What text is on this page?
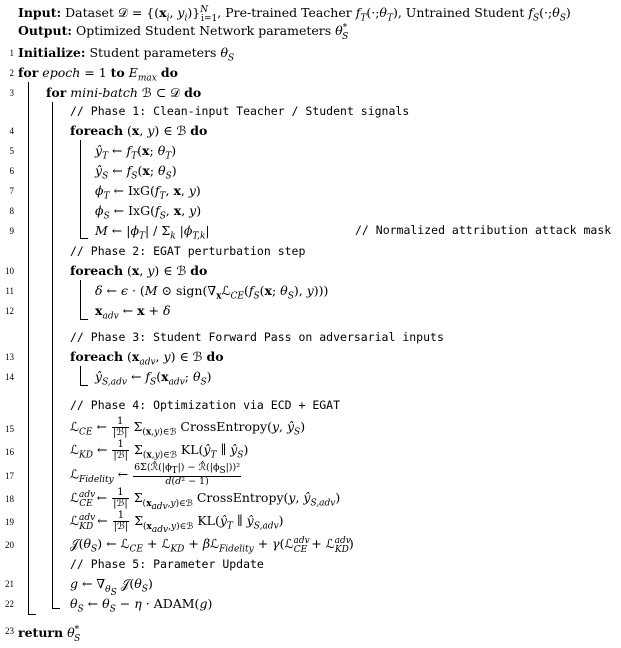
Input: Dataset 𝒟 = {($x_i$, $y_i)\}^N_{i=1}$, Pre-trained Teacher $f_T(\cdot;\theta_T)$, Untrained Student $f_S(\cdot;\theta_S)$
Output: Optimized Student Network parameters $\theta^*_S$
1 Initialize: Student parameters $\theta_S$
2 for epoch = 1 to $E_{max}$ do
3	for mini-batch ℬ ⊂ 𝒟 do
// Phase 1: Clean-input Teacher / Student signals
4	foreach (x, y) ∈ ℬ do
5	$ŷ_T$ ← $f_T(x$; $\theta_T$)
6	$ŷ_S$ ← $f_S(x$; $\theta_S$)
7	$\phi_T$ ← $IxG(f_T$, x, y)
8	$\phi_S$ ← $IxG(f_S$, x, y)
9	M ← $|\phi_T| / \Sigma_k$ $|\phi_{T,k}|$	// Normalized attribution attack mask
// Phase 2: EGAT perturbation step
10	foreach (x, y) ∈ ℬ do
11	δ ← ϵ · (M ⊙ $sign(\nabla_xℒ_{CE}(f_S(x$; $\theta_S$), y)))
12	$x_{adv}$ ← x + δ
// Phase 3: Student Forward Pass on adversarial inputs
13	foreach ($x_{adv}$, y) ∈ ℬ do
14	$ŷ_{S,adv}$ ← $f_S(x_{adv}$; $\theta_S$)
// Phase 4: Optimization via ECD + EGAT
15	ℒ$_{CE}$ ← $\frac{1}{\text{|ℬ|}} \Sigma_{(x,y)\in ℬ}$ CrossEntropy(y, $ŷ_S$)
16	ℒ$_{KD}$ ← $\frac{1}{\text{|ℬ|}} \Sigma_{(x,y)\in ℬ}$ $KL(ŷ_T$ ∥ $ŷ_S$)
17	ℒ$_{Fidelity}$ ← $\frac{6\Sigma(ℛ̂(|\phi_T|) - ℛ̂(|\phi_S|))^2}{\text{d(d² − 1)}}$
18	ℒ$^{adv}_{CE}$ ← $\frac{1}{\text{|ℬ|}} \Sigma_{(x_{adv},y)\in ℬ}$ CrossEntropy(y, $ŷ_{S,adv}$)
19	ℒ$^{adv}_{KD}$ ← $\frac{1}{\text{|ℬ|}} \Sigma_{(x_{adv},y)\in ℬ}$ $KL(ŷ_T$ ∥ $ŷ_{S,adv}$)
20	$𝒥(\theta_S)$ ← ℒ$_{CE}$ + ℒ$_{KD}$ + βℒ$_{Fidelity}$ + γ(ℒ$^{adv}_{CE}$ + ℒ$^{adv}_{KD}$)
// Phase 5: Parameter Update
21	g ← $\nabla_{\theta_S}$ $𝒥(\theta_S)$
22	$\theta_S$ ← $\theta_S - \eta$ · ADAM(g)
23 return $\theta^*_S$
